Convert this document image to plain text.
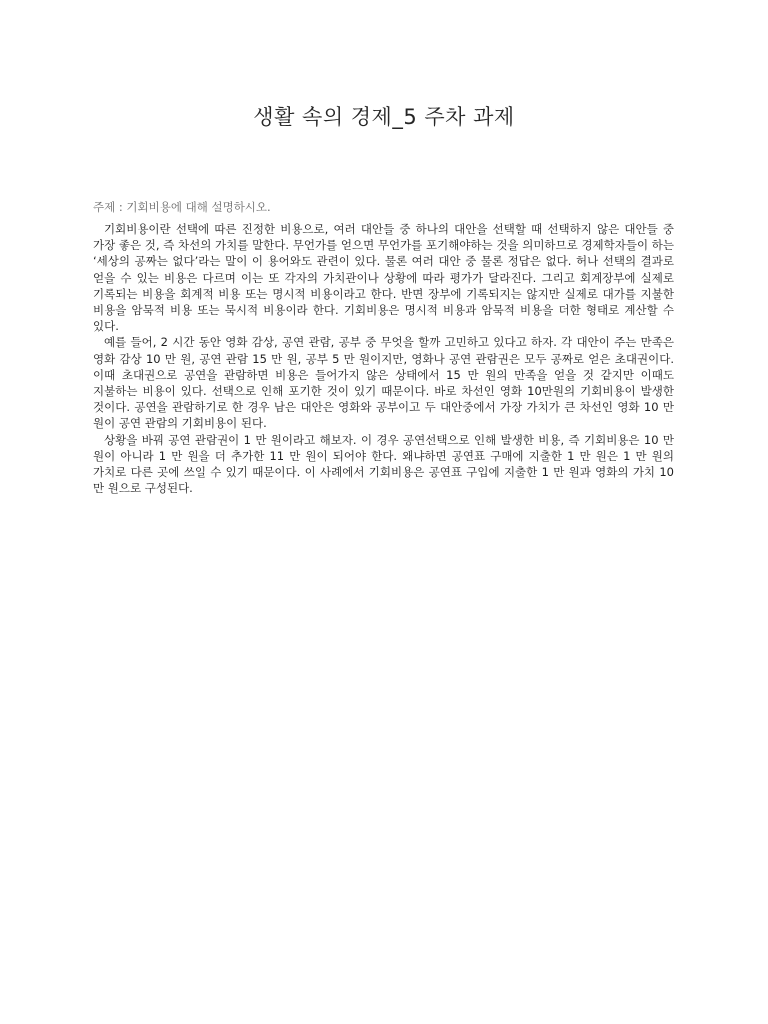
생활 속의 경제_5 주차 과제
주제 : 기회비용에 대해 설명하시오.

기회비용이란 선택에 따른 진정한 비용으로, 여러 대안들 중 하나의 대안을 선택할 때 선택하지 않은 대안들 중 가장 좋은 것, 즉 차선의 가치를 말한다. 무언가를 얻으면 무언가를 포기해야하는 것을 의미하므로 경제학자들이 하는 ‘세상의 공짜는 없다’라는 말이 이 용어와도 관련이 있다. 물론 여러 대안 중 물론 정답은 없다. 허나 선택의 결과로 얻을 수 있는 비용은 다르며 이는 또 각자의 가치관이나 상황에 따라 평가가 달라진다. 그리고 회계장부에 실제로 기록되는 비용을 회계적 비용 또는 명시적 비용이라고 한다. 반면 장부에 기록되지는 않지만 실제로 대가를 지불한 비용을 암묵적 비용 또는 묵시적 비용이라 한다. 기회비용은 명시적 비용과 암묵적 비용을 더한 형태로 계산할 수 있다.

예를 들어, 2 시간 동안 영화 감상, 공연 관람, 공부 중 무엇을 할까 고민하고 있다고 하자. 각 대안이 주는 만족은 영화 감상 10 만 원, 공연 관람 15 만 원, 공부 5 만 원이지만, 영화나 공연 관람권은 모두 공짜로 얻은 초대권이다. 이때 초대권으로 공연을 관람하면 비용은 들어가지 않은 상태에서 15 만 원의 만족을 얻을 것 같지만 이때도 지불하는 비용이 있다. 선택으로 인해 포기한 것이 있기 때문이다. 바로 차선인 영화 10만원의 기회비용이 발생한 것이다. 공연을 관람하기로 한 경우 남은 대안은 영화와 공부이고 두 대안중에서 가장 가치가 큰 차선인 영화 10 만 원이 공연 관람의 기회비용이 된다.

상황을 바꿔 공연 관람권이 1 만 원이라고 해보자. 이 경우 공연선택으로 인해 발생한 비용, 즉 기회비용은 10 만 원이 아니라 1 만 원을 더 추가한 11 만 원이 되어야 한다. 왜냐하면 공연표 구매에 지출한 1 만 원은 1 만 원의 가치로 다른 곳에 쓰일 수 있기 때문이다. 이 사례에서 기회비용은 공연표 구입에 지출한 1 만 원과 영화의 가치 10 만 원으로 구성된다.
